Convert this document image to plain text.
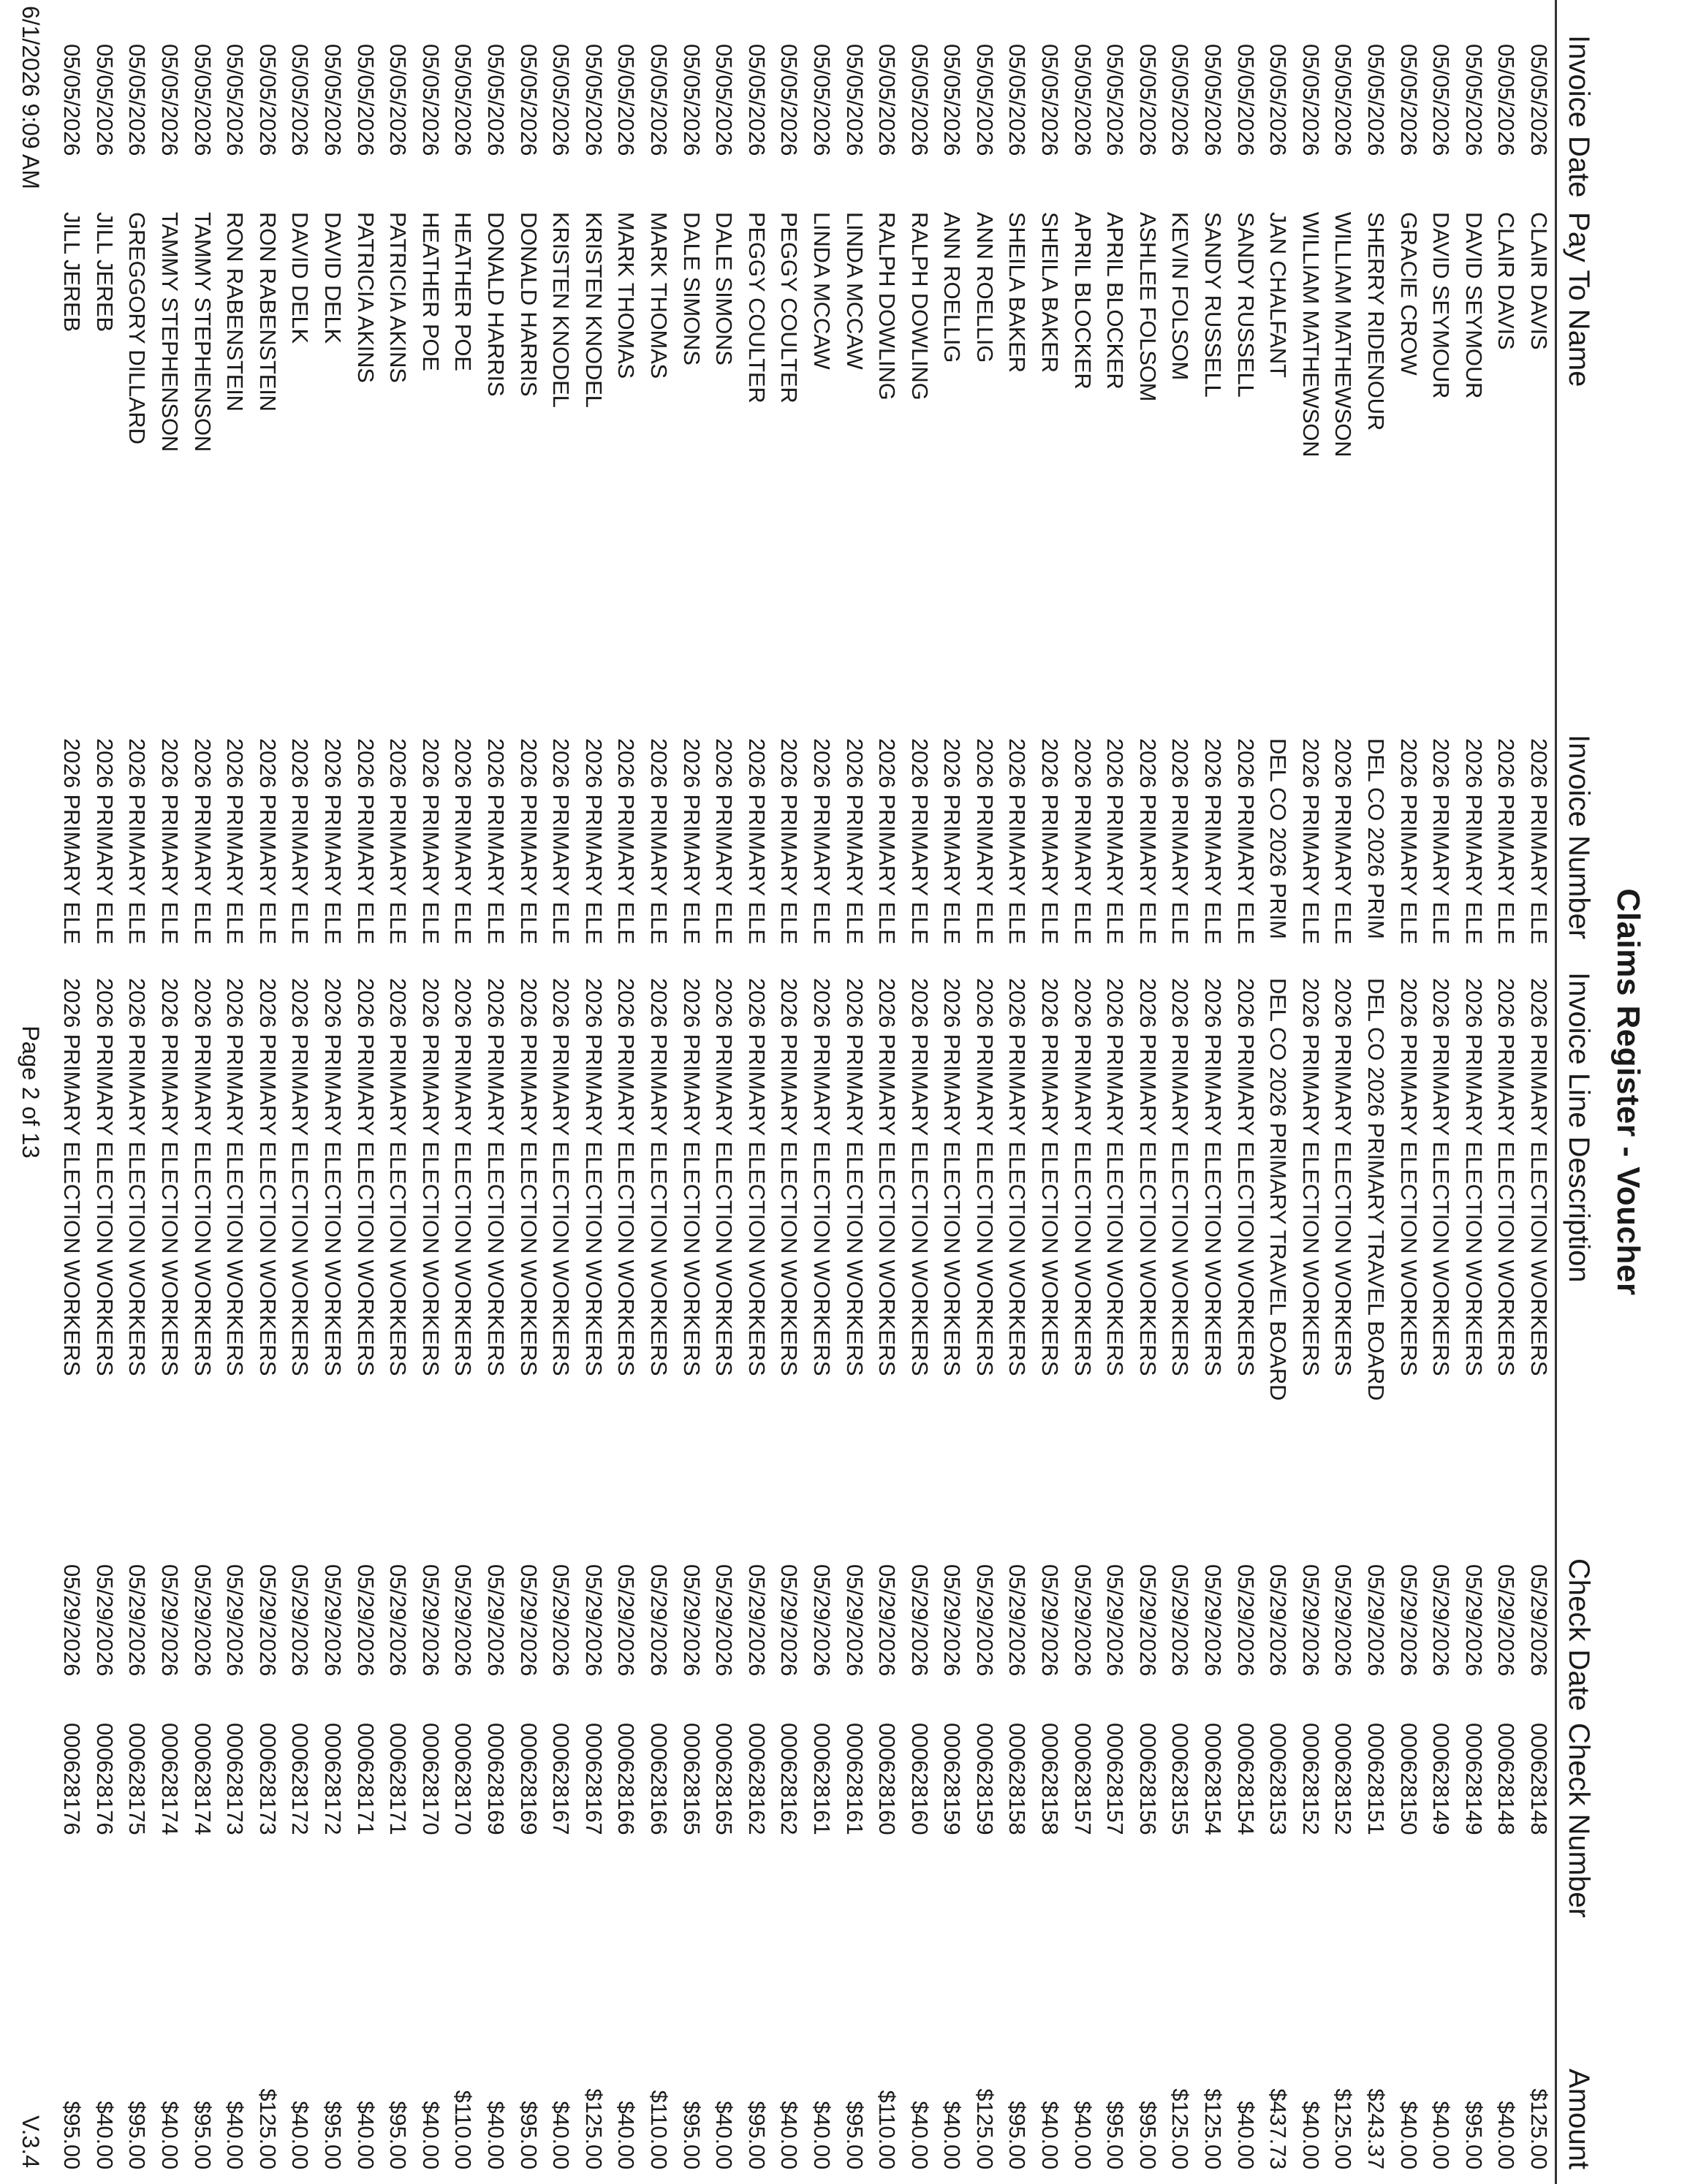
Claims Register - Voucher
Invoice Date
Pay To Name
Invoice Number
Invoice Line Description
Check Date
Check Number
Amount
05/05/2026
CLAIR DAVIS
2026 PRIMARY ELE
2026 PRIMARY ELECTION WORKERS
05/29/2026
000628148
$125.00
05/05/2026
CLAIR DAVIS
2026 PRIMARY ELE
2026 PRIMARY ELECTION WORKERS
05/29/2026
000628148
$40.00
05/05/2026
DAVID SEYMOUR
2026 PRIMARY ELE
2026 PRIMARY ELECTION WORKERS
05/29/2026
000628149
$95.00
05/05/2026
DAVID SEYMOUR
2026 PRIMARY ELE
2026 PRIMARY ELECTION WORKERS
05/29/2026
000628149
$40.00
05/05/2026
GRACIE CROW
2026 PRIMARY ELE
2026 PRIMARY ELECTION WORKERS
05/29/2026
000628150
$40.00
05/05/2026
SHERRY RIDENOUR
DEL CO 2026 PRIM
DEL CO 2026 PRIMARY TRAVEL BOARD
05/29/2026
000628151
$243.37
05/05/2026
WILLIAM MATHEWSON
2026 PRIMARY ELE
2026 PRIMARY ELECTION WORKERS
05/29/2026
000628152
$125.00
05/05/2026
WILLIAM MATHEWSON
2026 PRIMARY ELE
2026 PRIMARY ELECTION WORKERS
05/29/2026
000628152
$40.00
05/05/2026
JAN CHALFANT
DEL CO 2026 PRIM
DEL CO 2026 PRIMARY TRAVEL BOARD
05/29/2026
000628153
$437.73
05/05/2026
SANDY RUSSELL
2026 PRIMARY ELE
2026 PRIMARY ELECTION WORKERS
05/29/2026
000628154
$40.00
05/05/2026
SANDY RUSSELL
2026 PRIMARY ELE
2026 PRIMARY ELECTION WORKERS
05/29/2026
000628154
$125.00
05/05/2026
KEVIN FOLSOM
2026 PRIMARY ELE
2026 PRIMARY ELECTION WORKERS
05/29/2026
000628155
$125.00
05/05/2026
ASHLEE FOLSOM
2026 PRIMARY ELE
2026 PRIMARY ELECTION WORKERS
05/29/2026
000628156
$95.00
05/05/2026
APRIL BLOCKER
2026 PRIMARY ELE
2026 PRIMARY ELECTION WORKERS
05/29/2026
000628157
$95.00
05/05/2026
APRIL BLOCKER
2026 PRIMARY ELE
2026 PRIMARY ELECTION WORKERS
05/29/2026
000628157
$40.00
05/05/2026
SHEILA BAKER
2026 PRIMARY ELE
2026 PRIMARY ELECTION WORKERS
05/29/2026
000628158
$40.00
05/05/2026
SHEILA BAKER
2026 PRIMARY ELE
2026 PRIMARY ELECTION WORKERS
05/29/2026
000628158
$95.00
05/05/2026
ANN ROELLIG
2026 PRIMARY ELE
2026 PRIMARY ELECTION WORKERS
05/29/2026
000628159
$125.00
05/05/2026
ANN ROELLIG
2026 PRIMARY ELE
2026 PRIMARY ELECTION WORKERS
05/29/2026
000628159
$40.00
05/05/2026
RALPH DOWLING
2026 PRIMARY ELE
2026 PRIMARY ELECTION WORKERS
05/29/2026
000628160
$40.00
05/05/2026
RALPH DOWLING
2026 PRIMARY ELE
2026 PRIMARY ELECTION WORKERS
05/29/2026
000628160
$110.00
05/05/2026
LINDA MCCAW
2026 PRIMARY ELE
2026 PRIMARY ELECTION WORKERS
05/29/2026
000628161
$95.00
05/05/2026
LINDA MCCAW
2026 PRIMARY ELE
2026 PRIMARY ELECTION WORKERS
05/29/2026
000628161
$40.00
05/05/2026
PEGGY COULTER
2026 PRIMARY ELE
2026 PRIMARY ELECTION WORKERS
05/29/2026
000628162
$40.00
05/05/2026
PEGGY COULTER
2026 PRIMARY ELE
2026 PRIMARY ELECTION WORKERS
05/29/2026
000628162
$95.00
05/05/2026
DALE SIMONS
2026 PRIMARY ELE
2026 PRIMARY ELECTION WORKERS
05/29/2026
000628165
$40.00
05/05/2026
DALE SIMONS
2026 PRIMARY ELE
2026 PRIMARY ELECTION WORKERS
05/29/2026
000628165
$95.00
05/05/2026
MARK THOMAS
2026 PRIMARY ELE
2026 PRIMARY ELECTION WORKERS
05/29/2026
000628166
$110.00
05/05/2026
MARK THOMAS
2026 PRIMARY ELE
2026 PRIMARY ELECTION WORKERS
05/29/2026
000628166
$40.00
05/05/2026
KRISTEN KNODEL
2026 PRIMARY ELE
2026 PRIMARY ELECTION WORKERS
05/29/2026
000628167
$125.00
05/05/2026
KRISTEN KNODEL
2026 PRIMARY ELE
2026 PRIMARY ELECTION WORKERS
05/29/2026
000628167
$40.00
05/05/2026
DONALD HARRIS
2026 PRIMARY ELE
2026 PRIMARY ELECTION WORKERS
05/29/2026
000628169
$95.00
05/05/2026
DONALD HARRIS
2026 PRIMARY ELE
2026 PRIMARY ELECTION WORKERS
05/29/2026
000628169
$40.00
05/05/2026
HEATHER POE
2026 PRIMARY ELE
2026 PRIMARY ELECTION WORKERS
05/29/2026
000628170
$110.00
05/05/2026
HEATHER POE
2026 PRIMARY ELE
2026 PRIMARY ELECTION WORKERS
05/29/2026
000628170
$40.00
05/05/2026
PATRICIA AKINS
2026 PRIMARY ELE
2026 PRIMARY ELECTION WORKERS
05/29/2026
000628171
$95.00
05/05/2026
PATRICIA AKINS
2026 PRIMARY ELE
2026 PRIMARY ELECTION WORKERS
05/29/2026
000628171
$40.00
05/05/2026
DAVID DELK
2026 PRIMARY ELE
2026 PRIMARY ELECTION WORKERS
05/29/2026
000628172
$95.00
05/05/2026
DAVID DELK
2026 PRIMARY ELE
2026 PRIMARY ELECTION WORKERS
05/29/2026
000628172
$40.00
05/05/2026
RON RABENSTEIN
2026 PRIMARY ELE
2026 PRIMARY ELECTION WORKERS
05/29/2026
000628173
$125.00
05/05/2026
RON RABENSTEIN
2026 PRIMARY ELE
2026 PRIMARY ELECTION WORKERS
05/29/2026
000628173
$40.00
05/05/2026
TAMMY STEPHENSON
2026 PRIMARY ELE
2026 PRIMARY ELECTION WORKERS
05/29/2026
000628174
$95.00
05/05/2026
TAMMY STEPHENSON
2026 PRIMARY ELE
2026 PRIMARY ELECTION WORKERS
05/29/2026
000628174
$40.00
05/05/2026
GREGGORY DILLARD
2026 PRIMARY ELE
2026 PRIMARY ELECTION WORKERS
05/29/2026
000628175
$95.00
05/05/2026
JILL JEREB
2026 PRIMARY ELE
2026 PRIMARY ELECTION WORKERS
05/29/2026
000628176
$40.00
05/05/2026
JILL JEREB
2026 PRIMARY ELE
2026 PRIMARY ELECTION WORKERS
05/29/2026
000628176
$95.00
6/1/2026 9:09 AM
Page 2 of 13
V.3.4
